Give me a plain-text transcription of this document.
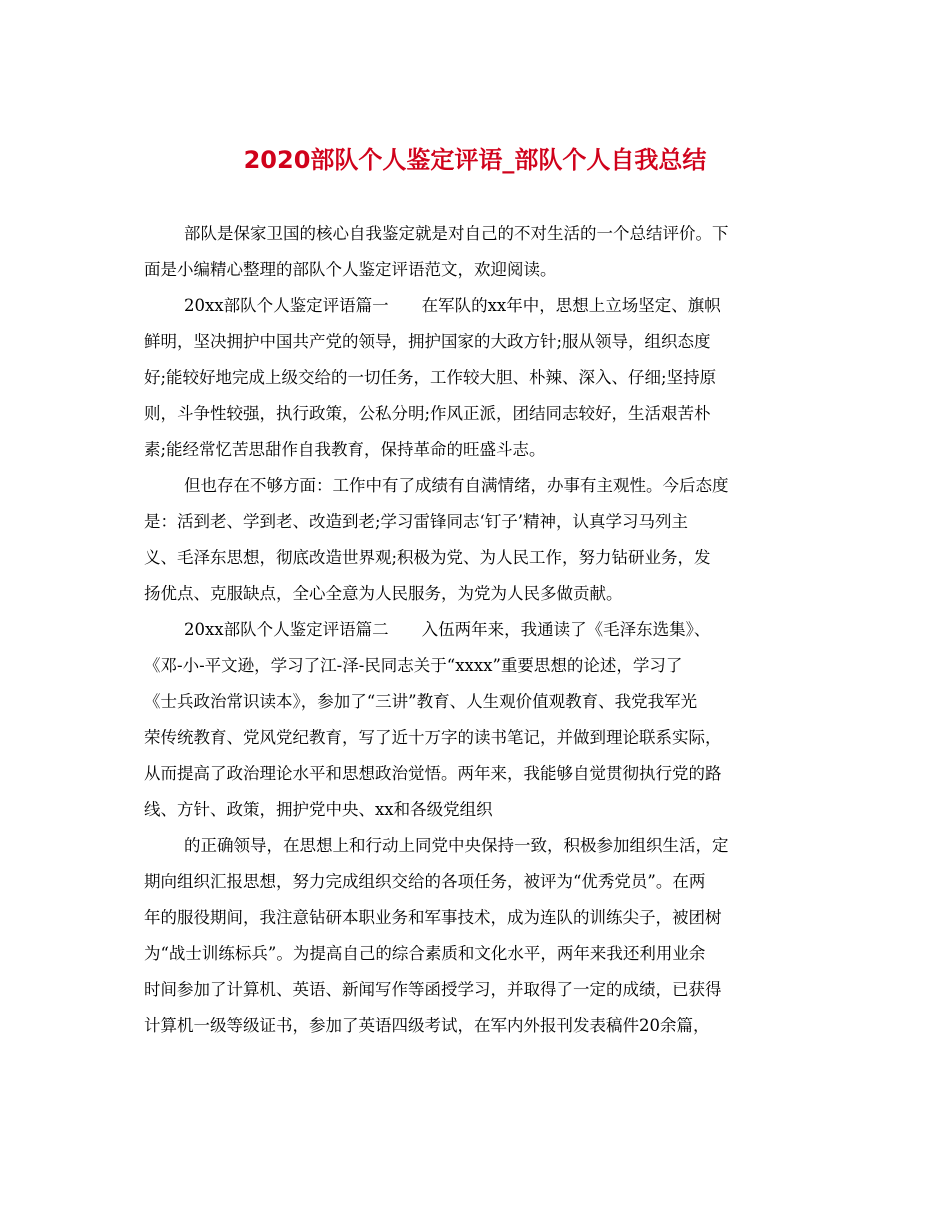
2020部队个人鉴定评语_部队个人自我总结

部队是保家卫国的核心自我鉴定就是对自己的不对生活的一个总结评价。下

面是小编精心整理的部队个人鉴定评语范文，欢迎阅读。

20xx部队个人鉴定评语篇一　　在军队的xx年中，思想上立场坚定、旗帜

鲜明，坚决拥护中国共产党的领导，拥护国家的大政方针;服从领导，组织态度

好;能较好地完成上级交给的一切任务，工作较大胆、朴辣、深入、仔细;坚持原

则，斗争性较强，执行政策，公私分明;作风正派，团结同志较好，生活艰苦朴

素;能经常忆苦思甜作自我教育，保持革命的旺盛斗志。

但也存在不够方面：工作中有了成绩有自满情绪，办事有主观性。今后态度

是：活到老、学到老、改造到老;学习雷锋同志‘钉子’精神，认真学习马列主

义、毛泽东思想，彻底改造世界观;积极为党、为人民工作，努力钻研业务，发

扬优点、克服缺点，全心全意为人民服务，为党为人民多做贡献。

20xx部队个人鉴定评语篇二　　入伍两年来，我通读了《毛泽东选集》、

《邓-小-平文逊，学习了江-泽-民同志关于“xxxx”重要思想的论述，学习了

《士兵政治常识读本》，参加了“三讲”教育、人生观价值观教育、我党我军光

荣传统教育、党风党纪教育，写了近十万字的读书笔记，并做到理论联系实际，

从而提高了政治理论水平和思想政治觉悟。两年来，我能够自觉贯彻执行党的路

线、方针、政策，拥护党中央、xx和各级党组织

的正确领导，在思想上和行动上同党中央保持一致，积极参加组织生活，定

期向组织汇报思想，努力完成组织交给的各项任务，被评为“优秀党员”。在两

年的服役期间，我注意钻研本职业务和军事技术，成为连队的训练尖子，被团树

为“战士训练标兵”。为提高自己的综合素质和文化水平，两年来我还利用业余

时间参加了计算机、英语、新闻写作等函授学习，并取得了一定的成绩，已获得

计算机一级等级证书，参加了英语四级考试，在军内外报刊发表稿件20余篇，
